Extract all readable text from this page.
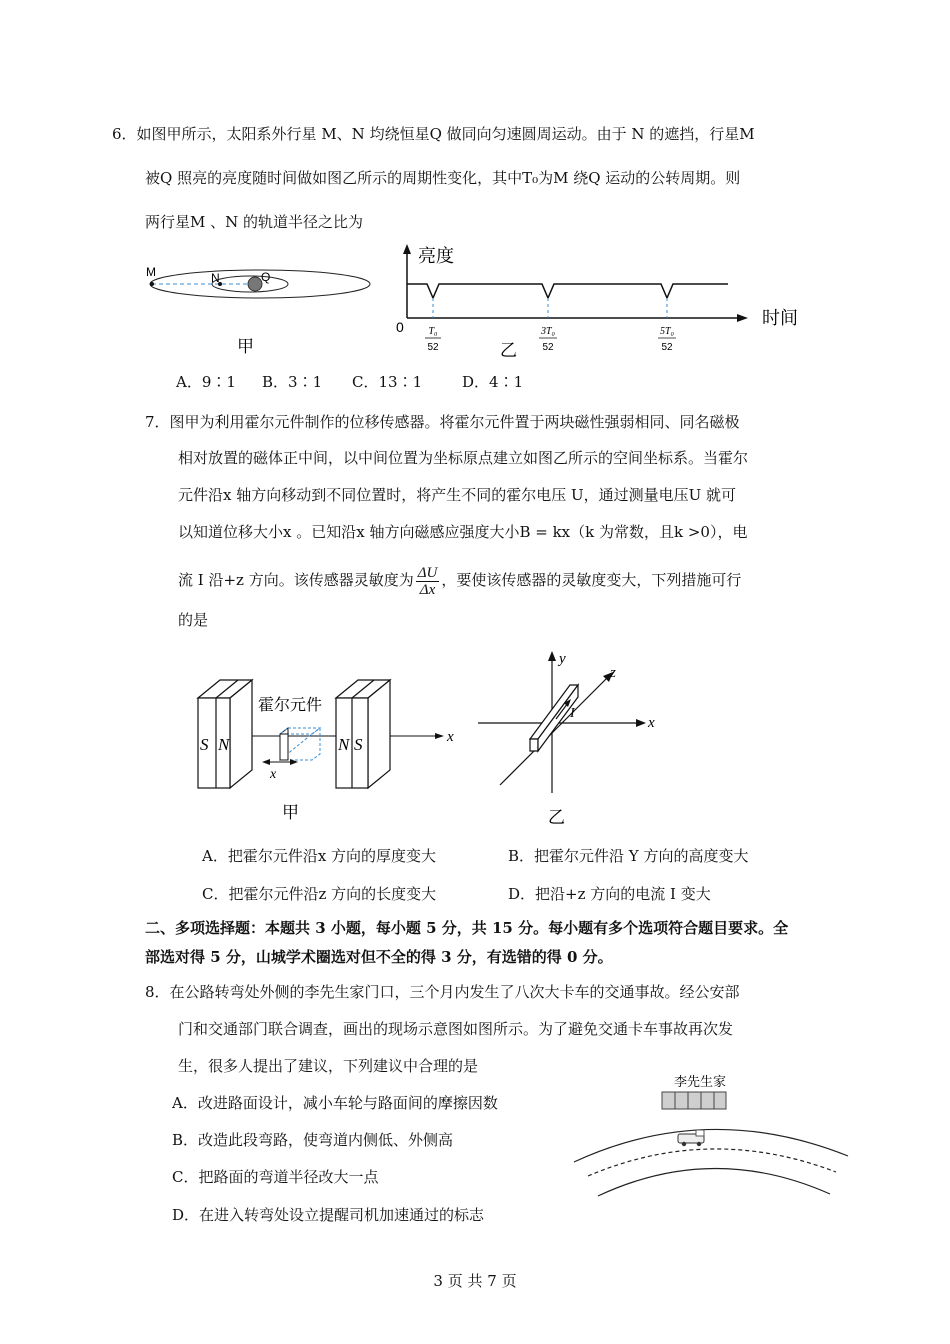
6．如图甲所示，太阳系外行星 M、N 均绕恒星Q 做同向匀速圆周运动。由于 N 的遮挡，行星M
被Q 照亮的亮度随时间做如图乙所示的周期性变化，其中T₀为M 绕Q 运动的公转周期。则
两行星M 、N 的轨道半径之比为
M	N	Q
甲
亮度
时间
0 T₀
52
3T₀
52
5T₀
52
乙
A．9∶1 B．3∶1 C．13∶1	D．4∶1
7．图甲为利用霍尔元件制作的位移传感器。将霍尔元件置于两块磁性强弱相同、同名磁极
相对放置的磁体正中间，以中间位置为坐标原点建立如图乙所示的空间坐标系。当霍尔
元件沿x 轴方向移动到不同位置时，将产生不同的霍尔电压 U，通过测量电压U 就可
以知道位移大小x 。已知沿x 轴方向磁感应强度大小B = kx（k 为常数，且k >0），电
流 I 沿+z 方向。该传感器灵敏度为 $\frac{\Delta U}{\Delta x}$ ，要使该传感器的灵敏度变大，下列措施可行
的是
S N	N S	x
霍尔元件
x
甲
y
x
z
I
乙
A．把霍尔元件沿x 方向的厚度变大	B．把霍尔元件沿 Y 方向的高度变大
C．把霍尔元件沿z 方向的长度变大	D．把沿+z 方向的电流 I 变大
二、多项选择题：本题共 3 小题，每小题 5 分，共 15 分。每小题有多个选项符合题目要求。全
部选对得 5 分，山城学术圈选对但不全的得 3 分，有选错的得 0 分。
8．在公路转弯处外侧的李先生家门口，三个月内发生了八次大卡车的交通事故。经公安部
门和交通部门联合调查，画出的现场示意图如图所示。为了避免交通卡车事故再次发
生，很多人提出了建议，下列建议中合理的是
A．改进路面设计，减小车轮与路面间的摩擦因数
B．改造此段弯路，使弯道内侧低、外侧高
C．把路面的弯道半径改大一点
D．在进入转弯处设立提醒司机加速通过的标志
李先生家
3 页 共 7 页
